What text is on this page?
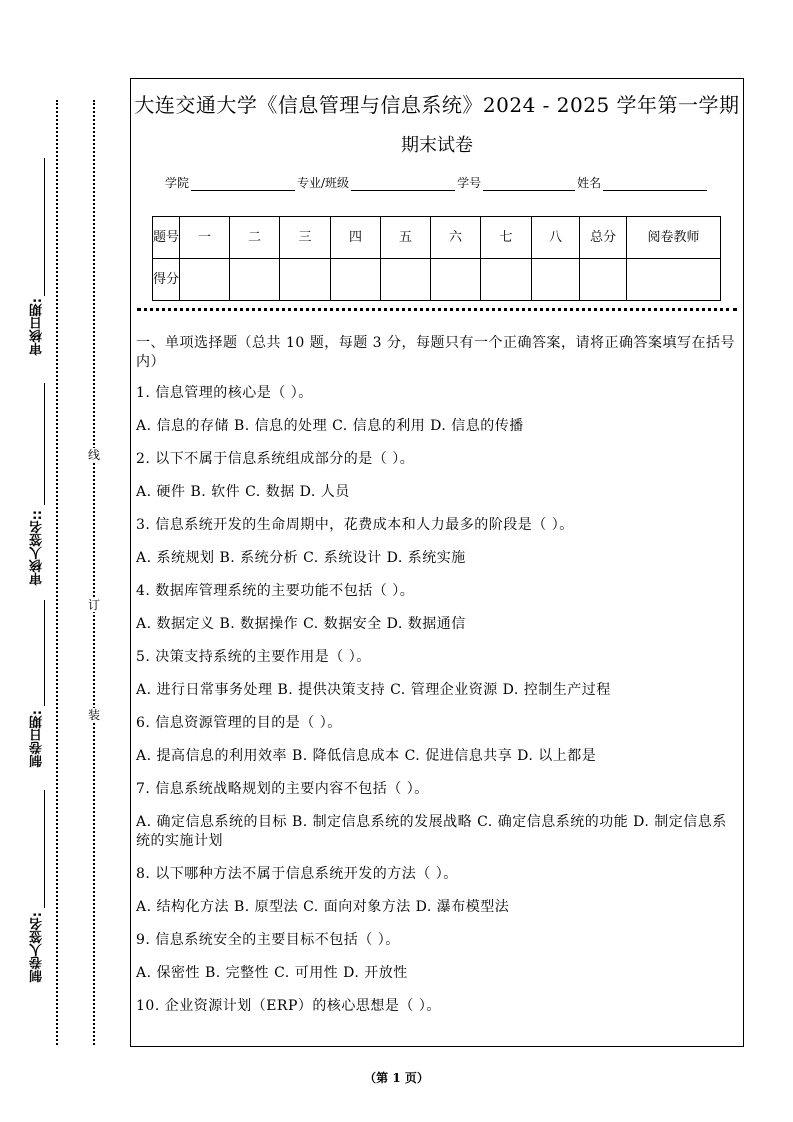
线
订
装
审核日期:
审核人签名::
制卷日期:
制卷人签名:
大连交通大学《信息管理与信息系统》2024 - 2025 学年第一学期
期末试卷
学院	专业/班级	学号	姓名
题号	一	二	三	四	五	六	七	八	总分	阅卷教师
得分										

一、单项选择题（总共 10 题，每题 3 分，每题只有一个正确答案，请将正确答案填写在括号内）

1. 信息管理的核心是（ ）。

A. 信息的存储 B. 信息的处理 C. 信息的利用 D. 信息的传播

2. 以下不属于信息系统组成部分的是（ ）。

A. 硬件 B. 软件 C. 数据 D. 人员

3. 信息系统开发的生命周期中，花费成本和人力最多的阶段是（ ）。

A. 系统规划 B. 系统分析 C. 系统设计 D. 系统实施

4. 数据库管理系统的主要功能不包括（ ）。

A. 数据定义 B. 数据操作 C. 数据安全 D. 数据通信

5. 决策支持系统的主要作用是（ ）。

A. 进行日常事务处理 B. 提供决策支持 C. 管理企业资源 D. 控制生产过程

6. 信息资源管理的目的是（ ）。

A. 提高信息的利用效率 B. 降低信息成本 C. 促进信息共享 D. 以上都是

7. 信息系统战略规划的主要内容不包括（ ）。

A. 确定信息系统的目标 B. 制定信息系统的发展战略 C. 确定信息系统的功能 D. 制定信息系统的实施计划

8. 以下哪种方法不属于信息系统开发的方法（ ）。

A. 结构化方法 B. 原型法 C. 面向对象方法 D. 瀑布模型法

9. 信息系统安全的主要目标不包括（ ）。

A. 保密性 B. 完整性 C. 可用性 D. 开放性

10. 企业资源计划（ERP）的核心思想是（ ）。

（第 1 页）
